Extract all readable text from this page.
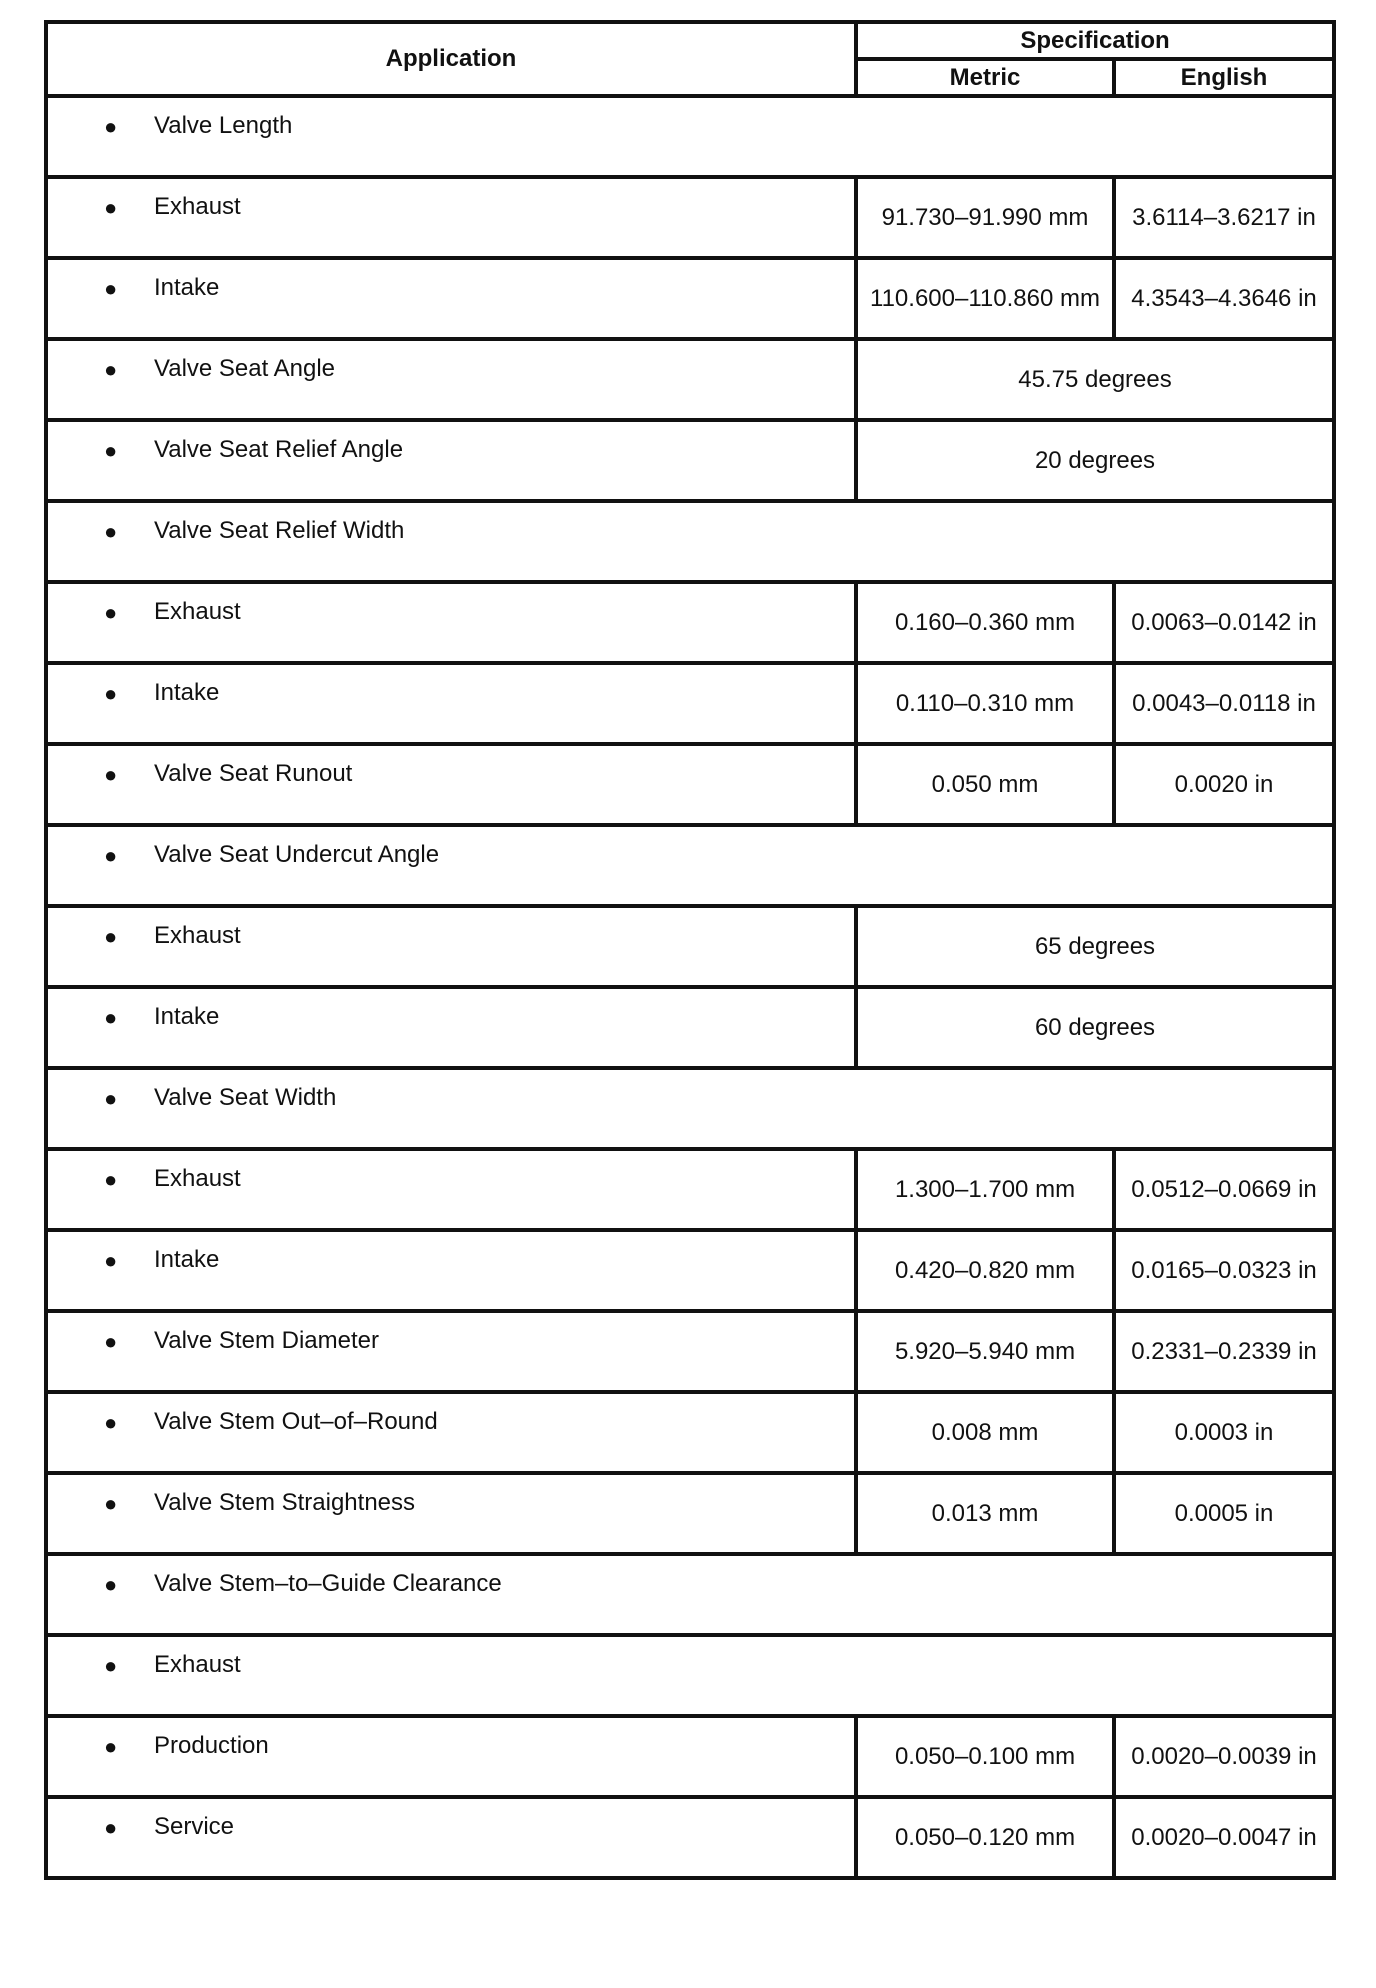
Application	Specification	
	Metric	English

● Valve Length		

● Exhaust	91.730–91.990 mm	3.6114–3.6217 in

● Intake	110.600–110.860 mm	4.3543–4.3646 in

● Valve Seat Angle	45.75 degrees	

● Valve Seat Relief Angle	20 degrees	

● Valve Seat Relief Width		

● Exhaust	0.160–0.360 mm	0.0063–0.0142 in

● Intake	0.110–0.310 mm	0.0043–0.0118 in

● Valve Seat Runout	0.050 mm	0.0020 in

● Valve Seat Undercut Angle		

● Exhaust	65 degrees	

● Intake	60 degrees	

● Valve Seat Width		

● Exhaust	1.300–1.700 mm	0.0512–0.0669 in

● Intake	0.420–0.820 mm	0.0165–0.0323 in

● Valve Stem Diameter	5.920–5.940 mm	0.2331–0.2339 in

● Valve Stem Out–of–Round	0.008 mm	0.0003 in

● Valve Stem Straightness	0.013 mm	0.0005 in

● Valve Stem–to–Guide Clearance		

● Exhaust		

● Production	0.050–0.100 mm	0.0020–0.0039 in

● Service	0.050–0.120 mm	0.0020–0.0047 in
